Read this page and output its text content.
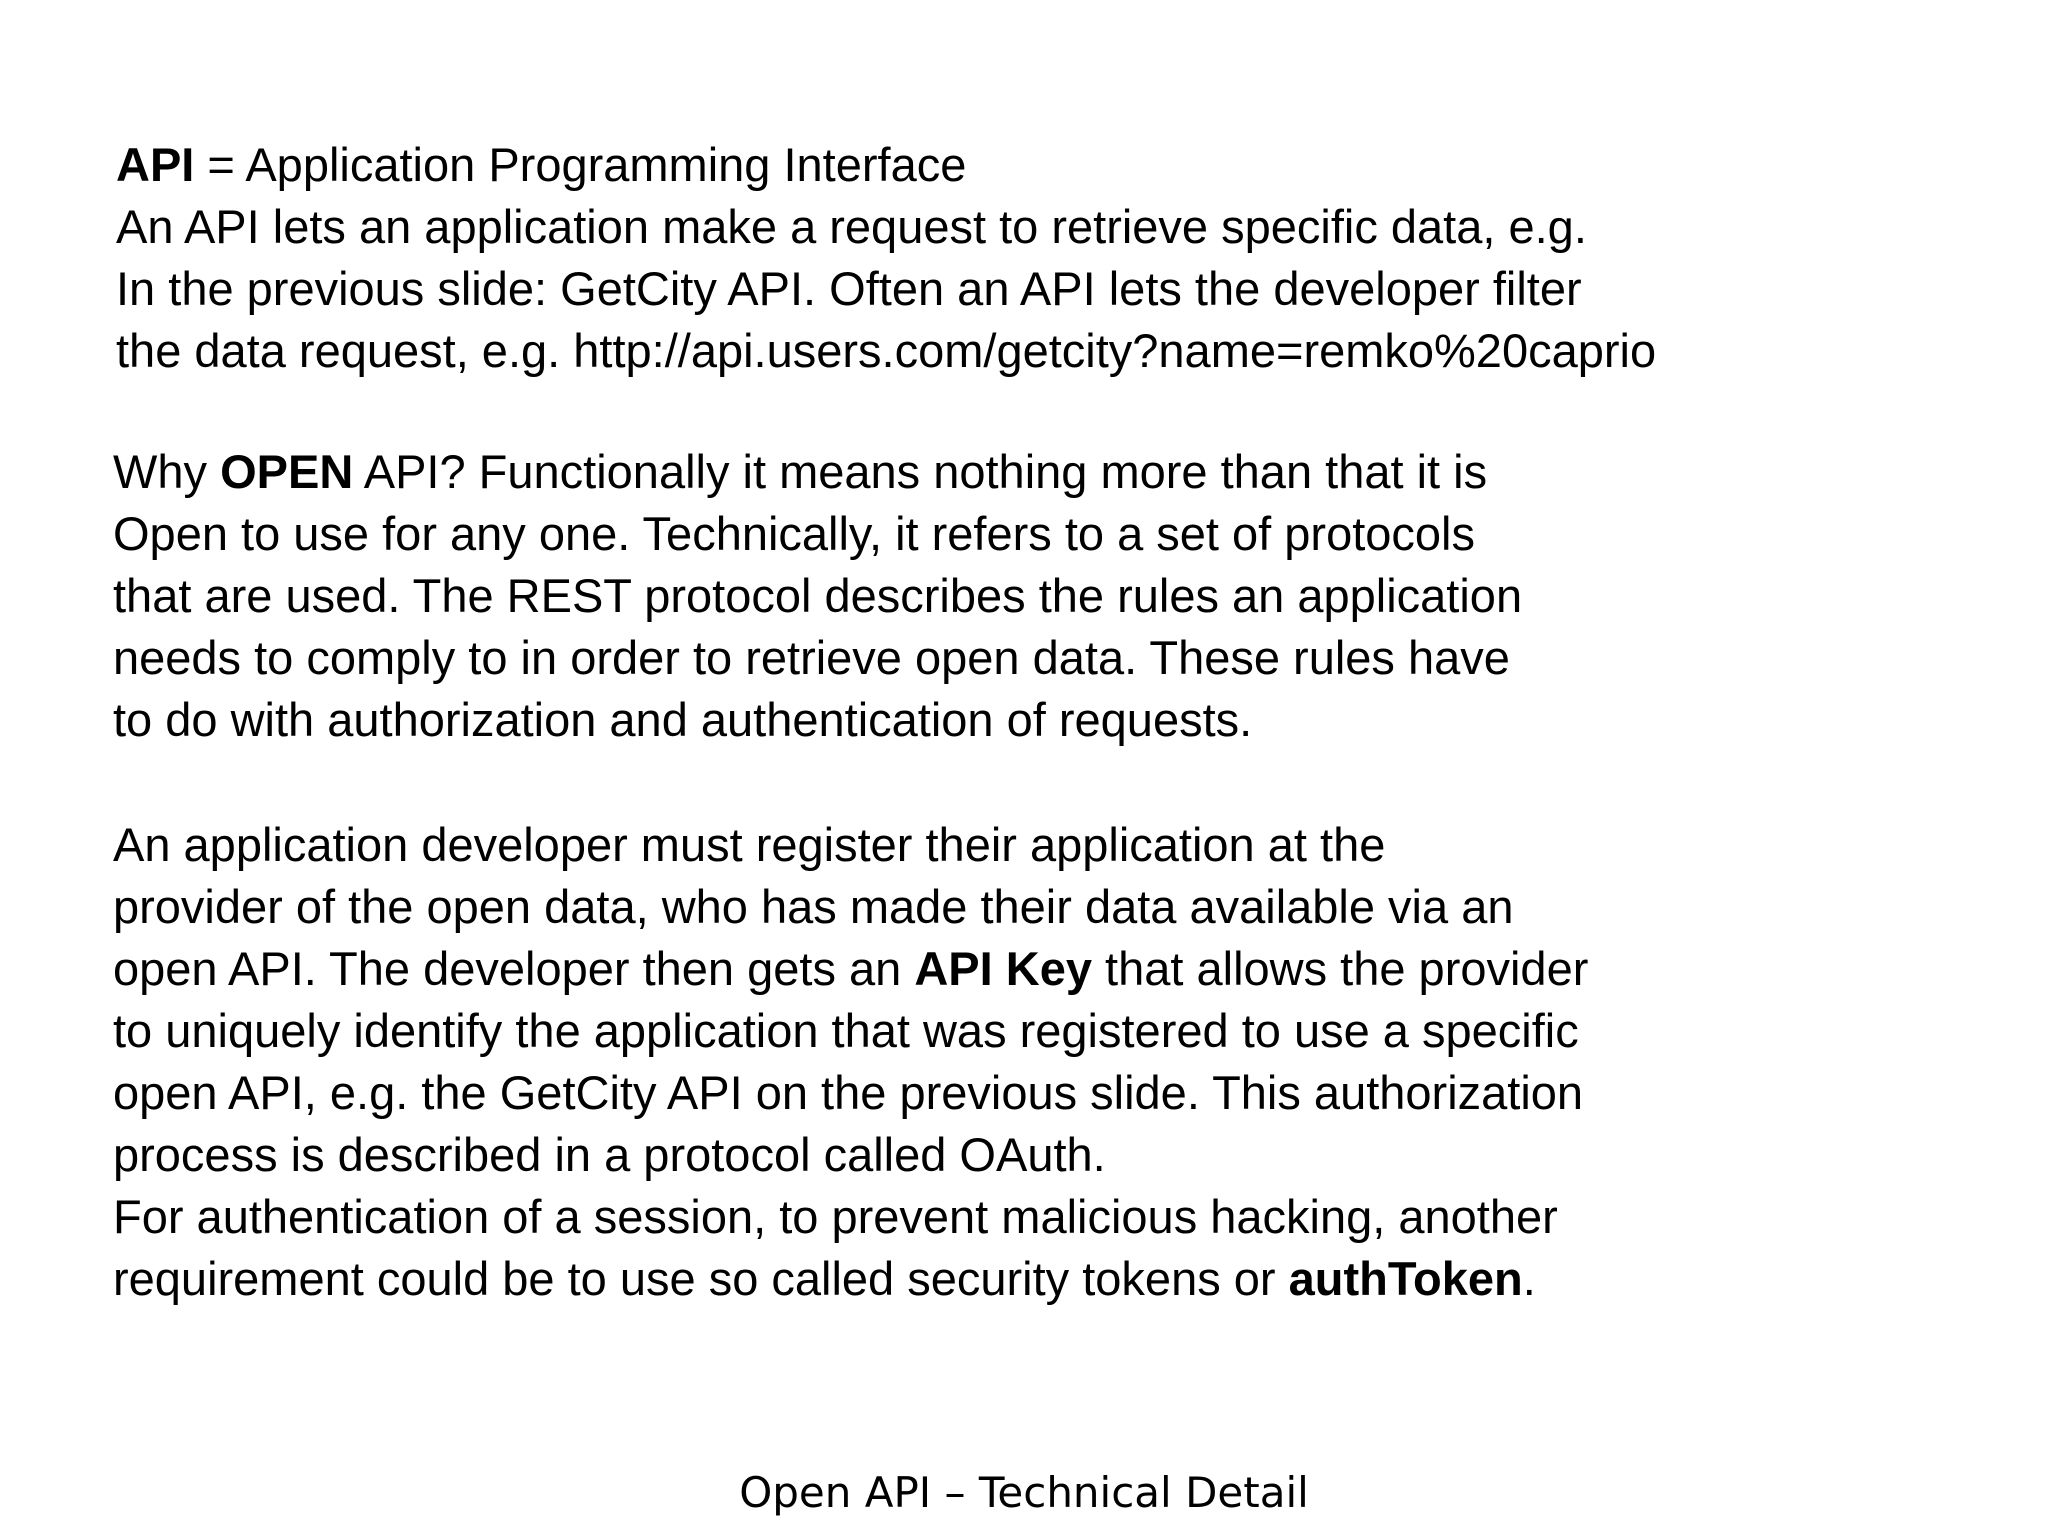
API = Application Programming Interface
An API lets an application make a request to retrieve specific data, e.g.
In the previous slide: GetCity API. Often an API lets the developer filter
the data request, e.g. http://api.users.com/getcity?name=remko%20caprio
Why OPEN API? Functionally it means nothing more than that it is
Open to use for any one. Technically, it refers to a set of protocols
that are used. The REST protocol describes the rules an application
needs to comply to in order to retrieve open data. These rules have
to do with authorization and authentication of requests.
An application developer must register their application at the
provider of the open data, who has made their data available via an
open API. The developer then gets an API Key that allows the provider
to uniquely identify the application that was registered to use a specific
open API, e.g. the GetCity API on the previous slide. This authorization
process is described in a protocol called OAuth.
For authentication of a session, to prevent malicious hacking, another
requirement could be to use so called security tokens or authToken.
Open API – Technical Detail
